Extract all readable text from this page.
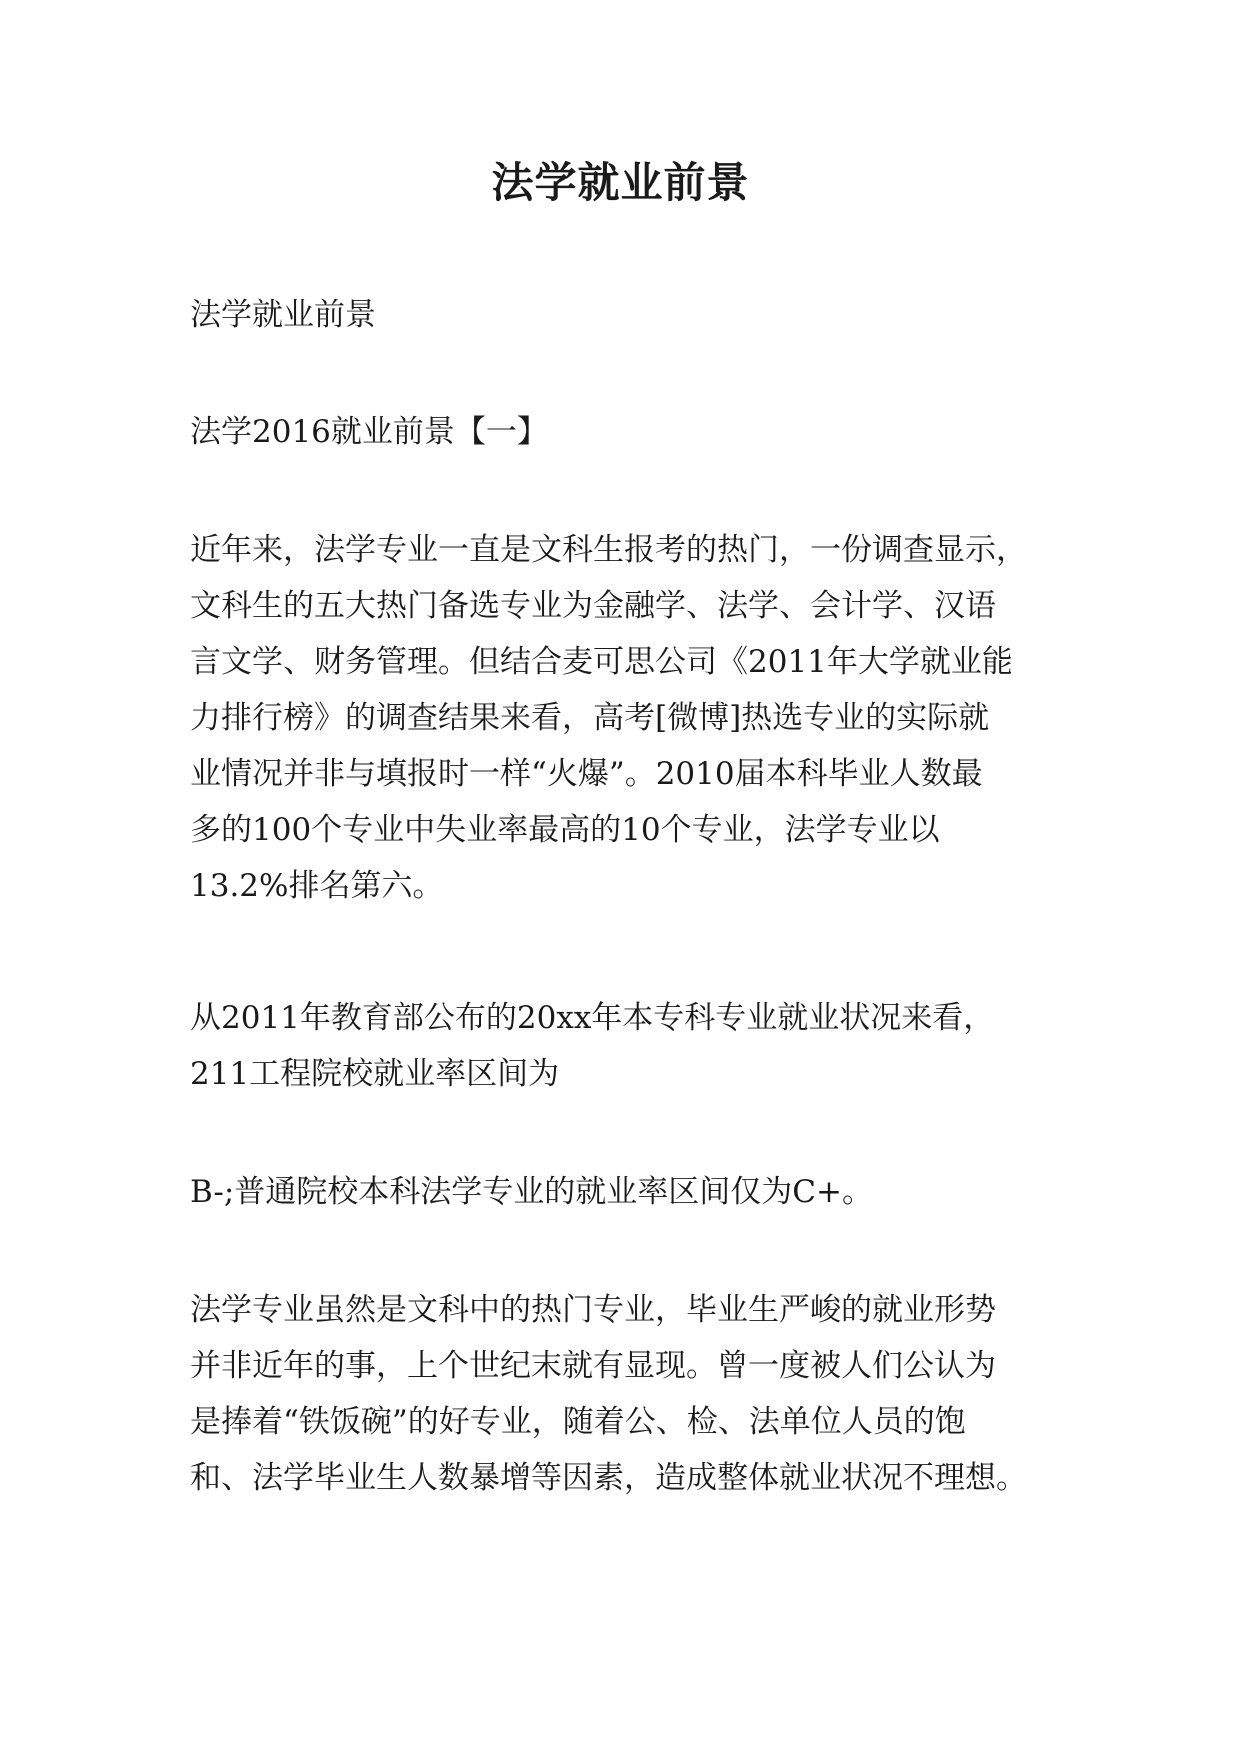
法学就业前景

法学就业前景

法学2016就业前景【一】

近年来，法学专业一直是文科生报考的热门，一份调查显示，
文科生的五大热门备选专业为金融学、法学、会计学、汉语
言文学、财务管理。但结合麦可思公司《2011年大学就业能
力排行榜》的调查结果来看，高考[微博]热选专业的实际就
业情况并非与填报时一样“火爆”。2010届本科毕业人数最
多的100个专业中失业率最高的10个专业，法学专业以
13.2%排名第六。
从2011年教育部公布的20xx年本专科专业就业状况来看，
211工程院校就业率区间为
B-;普通院校本科法学专业的就业率区间仅为C+。
法学专业虽然是文科中的热门专业，毕业生严峻的就业形势
并非近年的事，上个世纪末就有显现。曾一度被人们公认为
是捧着“铁饭碗”的好专业，随着公、检、法单位人员的饱
和、法学毕业生人数暴增等因素，造成整体就业状况不理想。
